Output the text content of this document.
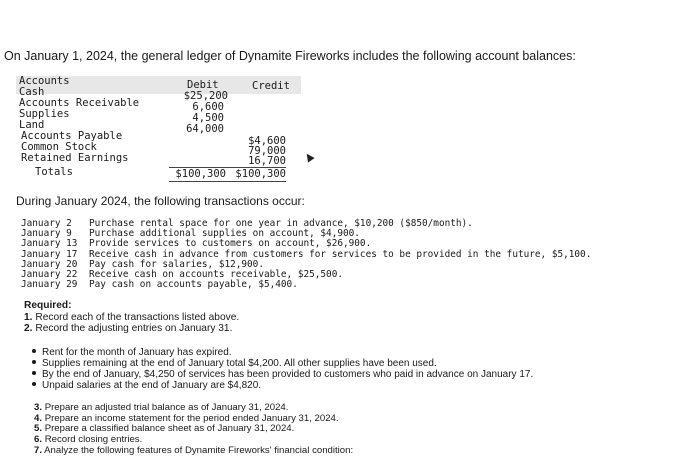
On January 1, 2024, the general ledger of Dynamite Fireworks includes the following account balances:
Accounts	Debit	Credit
Cash
Accounts Receivable
Supplies
Land
Accounts Payable
Common Stock
Retained Earnings
Totals
$25,200
6,600
4,500
64,000
$100,300
$4,600
79,000
16,700
$100,300
During January 2024, the following transactions occur:
January 2 Purchase rental space for one year in advance, $10,200 ($850/month).
January 9 Purchase additional supplies on account, $4,900.
January 13 Provide services to customers on account, $26,900.
January 17 Receive cash in advance from customers for services to be provided in the future, $5,100.
January 20 Pay cash for salaries, $12,900.
January 22 Receive cash on accounts receivable, $25,500.
January 29 Pay cash on accounts payable, $5,400.
Required:
1. Record each of the transactions listed above.
2. Record the adjusting entries on January 31.
Rent for the month of January has expired.
Supplies remaining at the end of January total $4,200. All other supplies have been used.
By the end of January, $4,250 of services has been provided to customers who paid in advance on January 17.
Unpaid salaries at the end of January are $4,820.
3. Prepare an adjusted trial balance as of January 31, 2024.
4. Prepare an income statement for the period ended January 31, 2024.
5. Prepare a classified balance sheet as of January 31, 2024.
6. Record closing entries.
7. Analyze the following features of Dynamite Fireworks' financial condition:
